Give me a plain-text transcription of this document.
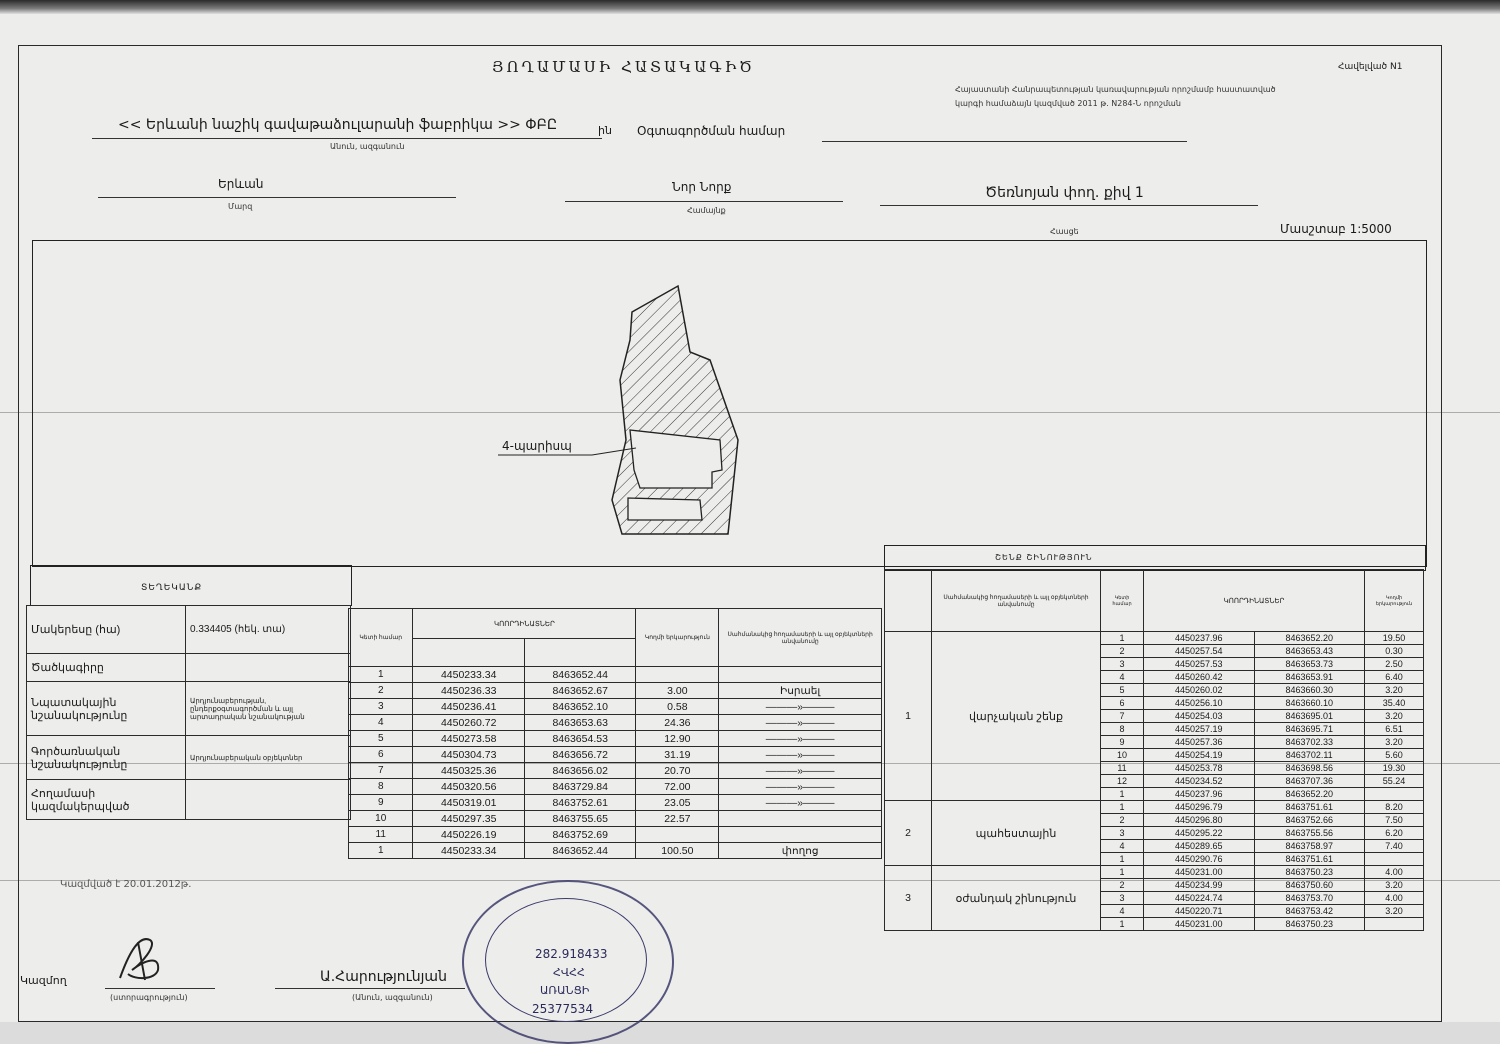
ՅՈՂԱՄԱՍԻ ՀԱՏԱԿԱԳԻԾ	Հավելված N1
Հայաստանի Հանրապետության կառավարության որոշմամբ հաստատված
կարգի համաձայն կազմված 2011 թ. N284-Ն որոշման
<< Երևանի նաշիկ գավաթաձուլարանի ֆաբրիկա >> ՓԲԸ
Անուն, ազգանուն
ին Օգտագործման համար
Երևան
Մարզ
Նոր Նորք
Համայնք
Ծեռնոյան փող. քիվ 1
Հասցե	Մասշտաբ 1:5000
4-պարիսպ
ՏԵՂԵԿԱՆՔ
Մակերեսը (հա)	0.334405 (հեկ. տա)
Ծածկագիրը	
Նպատակային նշանակությունը	Արդյունաբերության, ընդերքօգտագործման և այլ արտադրական նշանակության
Գործառնական նշանակությունը	Արդյունաբերական օբյեկտներ
Հողամասի կազմակերպված	
Կետի համար	ԿՈՈՐԴԻՆԱՏՆԵՐ		Կողմի երկարություն	Սահմանակից հողամասերի և այլ օբյեկտների անվանումը

1	4450233.34	8463652.44		
2	4450236.33	8463652.67	3.00	Իսրաել
3	4450236.41	8463652.10	0.58	———»———
4	4450260.72	8463653.63	24.36	———»———
5	4450273.58	8463654.53	12.90	———»———
6	4450304.73	8463656.72	31.19	———»———
7	4450325.36	8463656.02	20.70	———»———
8	4450320.56	8463729.84	72.00	———»———
9	4450319.01	8463752.61	23.05	———»———
10	4450297.35	8463755.65	22.57	
11	4450226.19	8463752.69		
1	4450233.34	8463652.44	100.50	փողոց
ՇԵՆՔ ՇԻՆՈՒԹՅՈՒՆ
	Սահմանակից հողամասերի և այլ օբյեկտների անվանումը	Կետի համար	ԿՈՈՐԴԻՆԱՏՆԵՐ		Կողմի երկարություն
1	վարչական շենք	1	4450237.96	8463652.20	19.50
		2	4450257.54	8463653.43	0.30
		3	4450257.53	8463653.73	2.50
		4	4450260.42	8463653.91	6.40
		5	4450260.02	8463660.30	3.20
		6	4450256.10	8463660.10	35.40
		7	4450254.03	8463695.01	3.20
		8	4450257.19	8463695.71	6.51
		9	4450257.36	8463702.33	3.20
		10	4450254.19	8463702.11	5.60
		11	4450253.78	8463698.56	19.30
		12	4450234.52	8463707.36	55.24
		1	4450237.96	8463652.20	
2	պահեստային	1	4450296.79	8463751.61	8.20
		2	4450296.80	8463752.66	7.50
		3	4450295.22	8463755.56	6.20
		4	4450289.65	8463758.97	7.40
		1	4450290.76	8463751.61	
3	օժանդակ շինություն	1	4450231.00	8463750.23	4.00
		2	4450234.99	8463750.60	3.20
		3	4450224.74	8463753.70	4.00
		4	4450220.71	8463753.42	3.20
		1	4450231.00	8463750.23	
Կազմված է 20.01.2012թ.
Կազմող
(ստորագրություն)
Ա.Հարությունյան
(Անուն, ազգանուն)
282.918433
ՀՎՀՀ
ԱՌԱՆՑԻ
25377534
